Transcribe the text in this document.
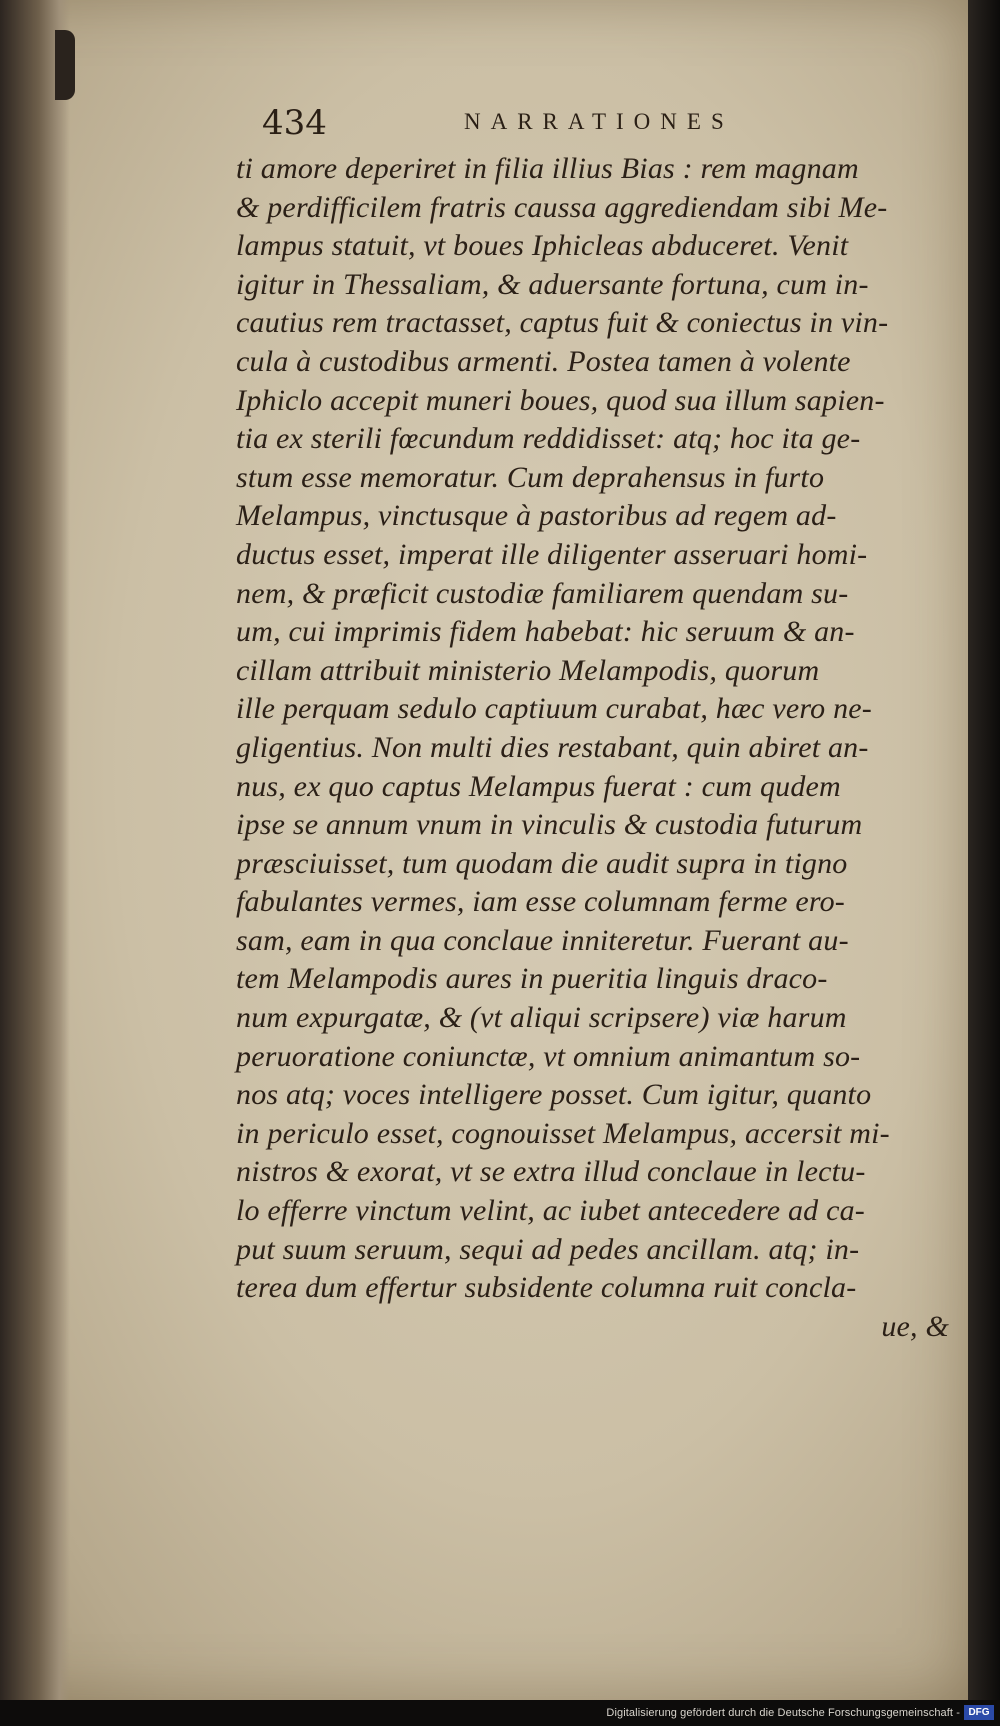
434	NARRATIONES
ti amore deperiret in filia illius Bias : rem magnam
& perdifficilem fratris caussa aggrediendam sibi Me-
lampus statuit, vt boues Iphicleas abduceret. Venit
igitur in Thessaliam, & aduersante fortuna, cum in-
cautius rem tractasset, captus fuit & coniectus in vin-
cula à custodibus armenti. Postea tamen à volente
Iphiclo accepit muneri boues, quod sua illum sapien-
tia ex sterili fœcundum reddidisset: atq; hoc ita ge-
stum esse memoratur. Cum deprahensus in furto
Melampus, vinctusque à pastoribus ad regem ad-
ductus esset, imperat ille diligenter asseruari homi-
nem, & præficit custodiæ familiarem quendam su-
um, cui imprimis fidem habebat: hic seruum & an-
cillam attribuit ministerio Melampodis, quorum
ille perquam sedulo captiuum curabat, hæc vero ne-
gligentius. Non multi dies restabant, quin abiret an-
nus, ex quo captus Melampus fuerat : cum qudem
ipse se annum vnum in vinculis & custodia futurum
præsciuisset, tum quodam die audit supra in tigno
fabulantes vermes, iam esse columnam ferme ero-
sam, eam in qua conclaue inniteretur. Fuerant au-
tem Melampodis aures in pueritia linguis draco-
num expurgatæ, & (vt aliqui scripsere) viæ harum
peruoratione coniunctæ, vt omnium animantum so-
nos atq; voces intelligere posset. Cum igitur, quanto
in periculo esset, cognouisset Melampus, accersit mi-
nistros & exorat, vt se extra illud conclaue in lectu-
lo efferre vinctum velint, ac iubet antecedere ad ca-
put suum seruum, sequi ad pedes ancillam. atq; in-
terea dum effertur subsidente columna ruit concla-
ue, &
Digitalisierung gefördert durch die Deutsche Forschungsgemeinschaft - DFG
